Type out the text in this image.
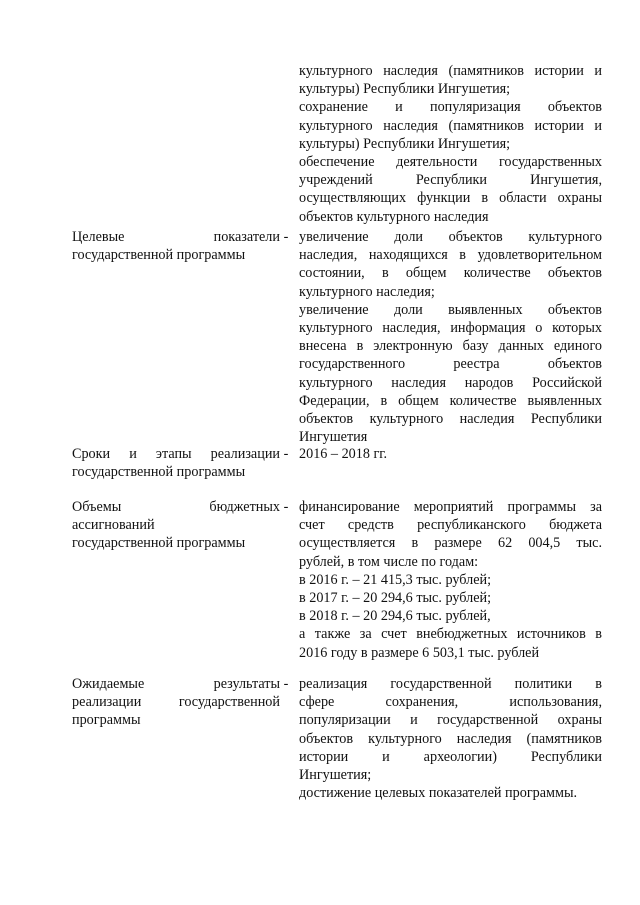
культурного наследия (памятников истории и
культуры) Республики Ингушетия;
сохранение и популяризация объектов
культурного наследия (памятников истории и
культуры) Республики Ингушетия;
обеспечение деятельности государственных
учреждений Республики Ингушетия,
осуществляющих функции в области охраны
объектов культурного наследия
Целевые показатели
государственной программы
- увеличение доли объектов культурного
наследия, находящихся в удовлетворительном
состоянии, в общем количестве объектов
культурного наследия;
увеличение доли выявленных объектов
культурного наследия, информация о которых
внесена в электронную базу данных единого
государственного реестра объектов
культурного наследия народов Российской
Федерации, в общем количестве выявленных
объектов культурного наследия Республики
Ингушетия
Сроки и этапы реализации
государственной программы
- 2016 – 2018 гг.
Объемы бюджетных
ассигнований
государственной программы
- финансирование мероприятий программы за
счет средств республиканского бюджета
осуществляется в размере 62 004,5 тыс.
рублей, в том числе по годам:
в 2016 г. – 21 415,3 тыс. рублей;
в 2017 г. – 20 294,6 тыс. рублей;
в 2018 г. – 20 294,6 тыс. рублей,
а также за счет внебюджетных источников в
2016 году в размере 6 503,1 тыс. рублей
Ожидаемые результаты
реализации государственной
программы
- реализация государственной политики в
сфере сохранения, использования,
популяризации и государственной охраны
объектов культурного наследия (памятников
истории и археологии) Республики
Ингушетия;
достижение целевых показателей программы.
